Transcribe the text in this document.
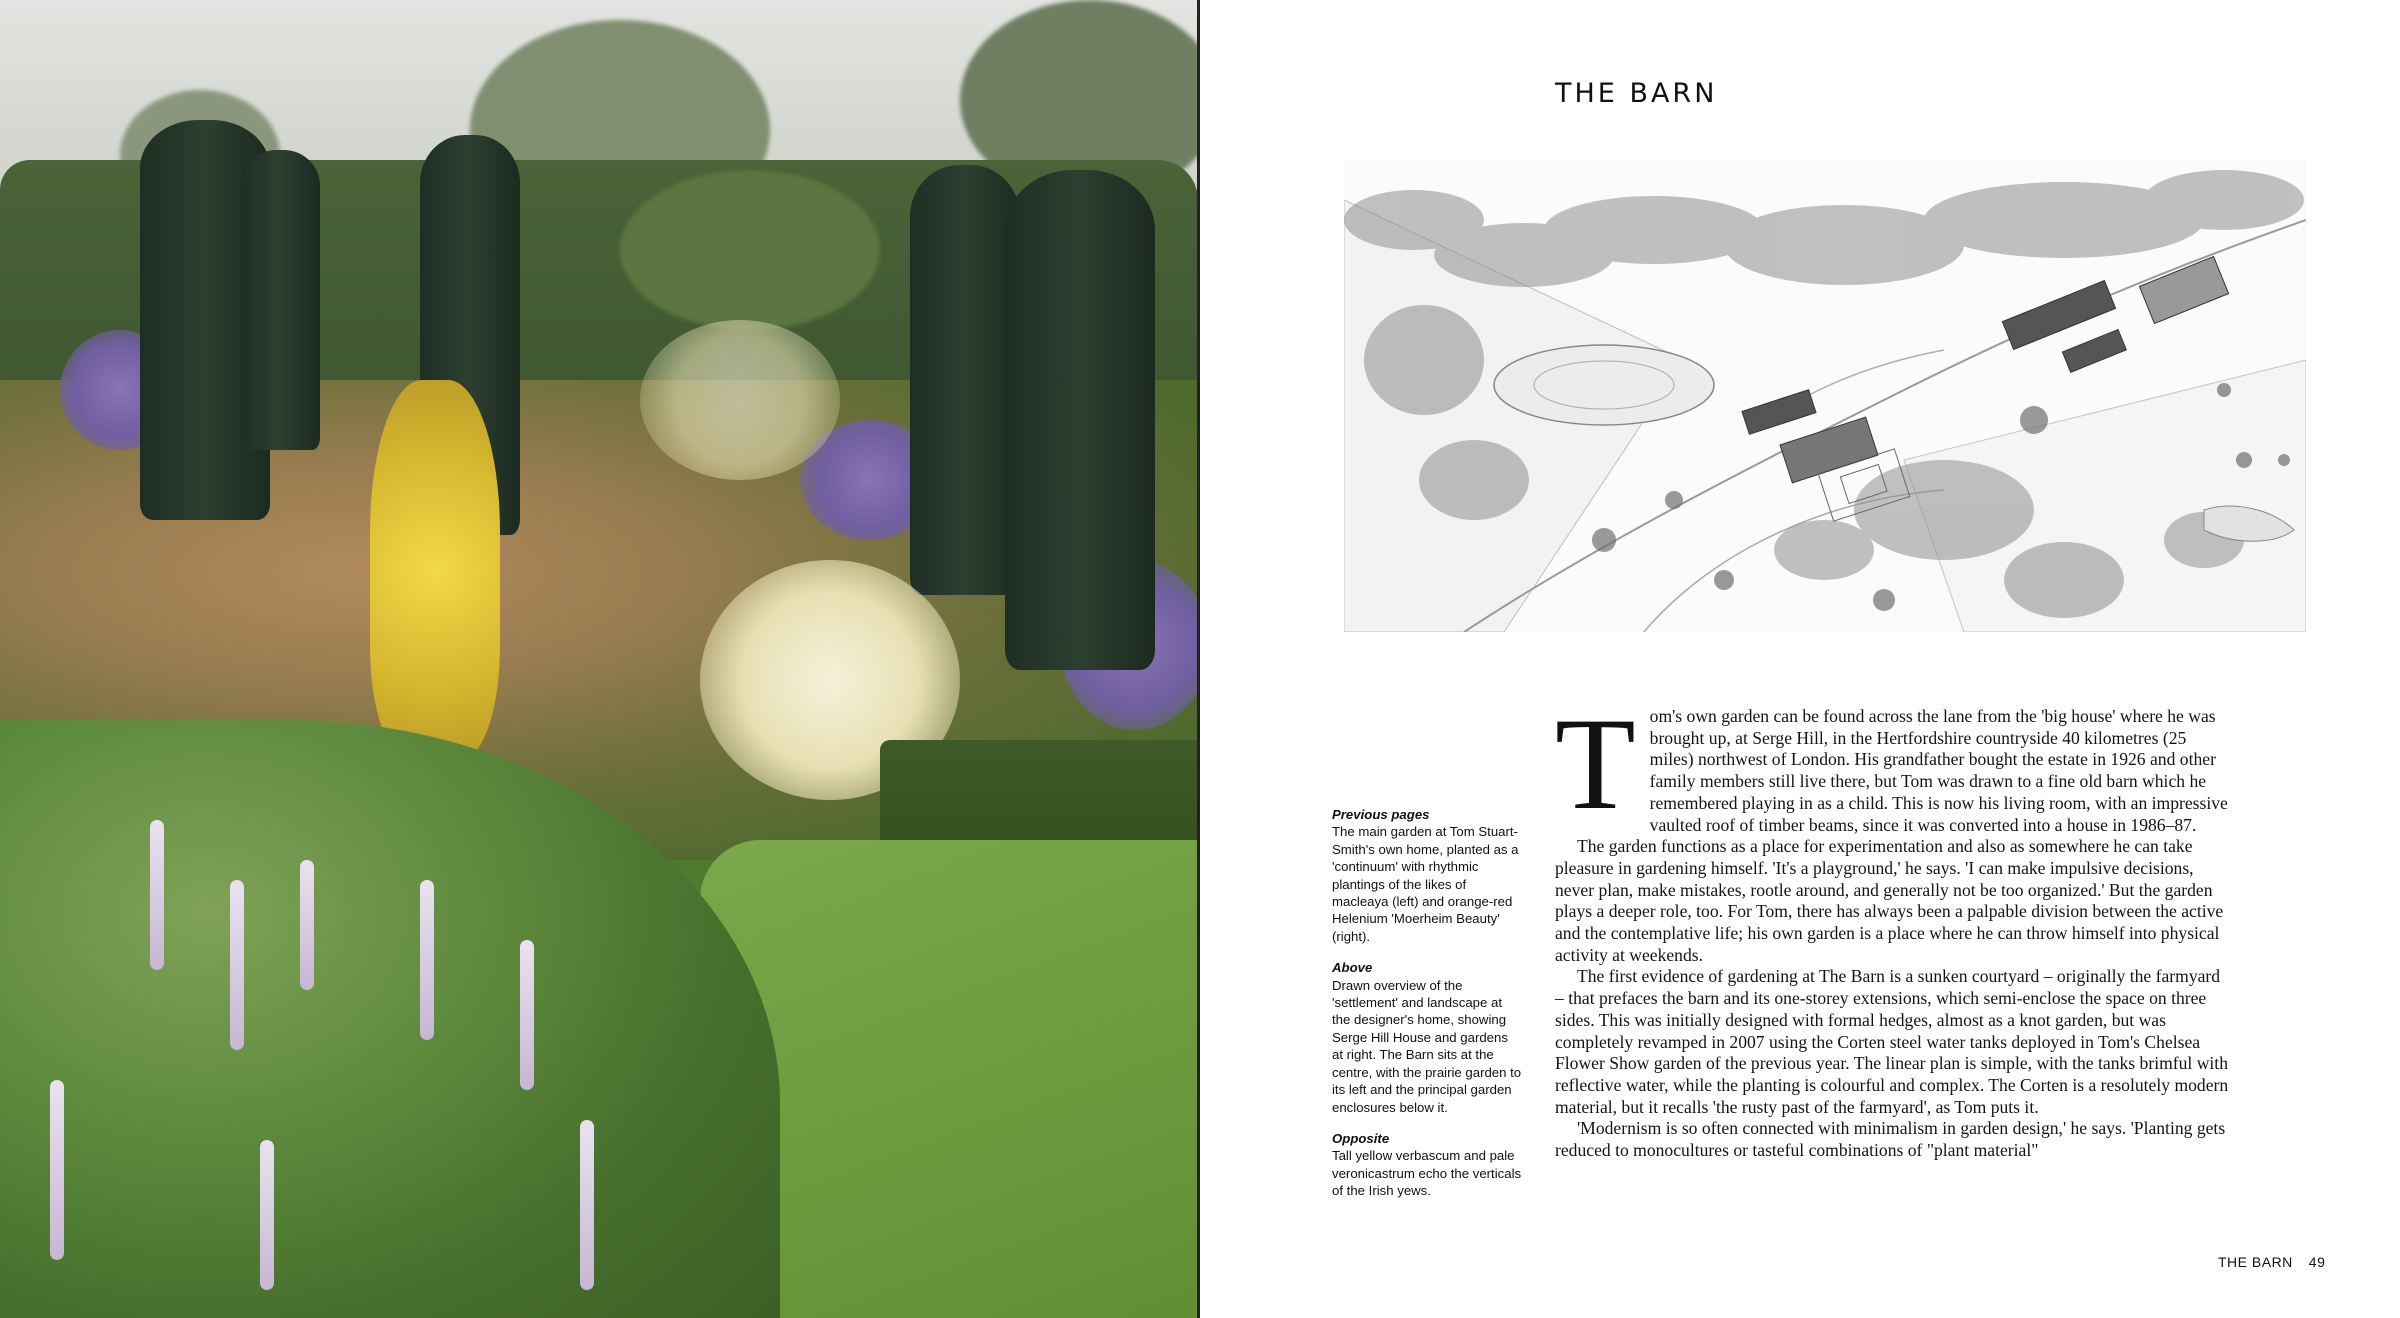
THE BARN
Previous pages
The main garden at Tom Stuart-Smith's own home, planted as a 'continuum' with rhythmic plantings of the likes of macleaya (left) and orange-red Helenium 'Moerheim Beauty' (right).
Above
Drawn overview of the 'settlement' and landscape at the designer's home, showing Serge Hill House and gardens at right. The Barn sits at the centre, with the prairie garden to its left and the principal garden enclosures below it.
Opposite
Tall yellow verbascum and pale veronicastrum echo the verticals of the Irish yews.

Tom's own garden can be found across the lane from the 'big house' where he was brought up, at Serge Hill, in the Hertfordshire countryside 40 kilometres (25 miles) northwest of London. His grandfather bought the estate in 1926 and other family members still live there, but Tom was drawn to a fine old barn which he remembered playing in as a child. This is now his living room, with an impressive vaulted roof of timber beams, since it was converted into a house in 1986–87.

The garden functions as a place for experimentation and also as somewhere he can take pleasure in gardening himself. 'It's a playground,' he says. 'I can make impulsive decisions, never plan, make mistakes, rootle around, and generally not be too organized.' But the garden plays a deeper role, too. For Tom, there has always been a palpable division between the active and the contemplative life; his own garden is a place where he can throw himself into physical activity at weekends.

The first evidence of gardening at The Barn is a sunken courtyard – originally the farmyard – that prefaces the barn and its one-storey extensions, which semi-enclose the space on three sides. This was initially designed with formal hedges, almost as a knot garden, but was completely revamped in 2007 using the Corten steel water tanks deployed in Tom's Chelsea Flower Show garden of the previous year. The linear plan is simple, with the tanks brimful with reflective water, while the planting is colourful and complex. The Corten is a resolutely modern material, but it recalls 'the rusty past of the farmyard', as Tom puts it.

'Modernism is so often connected with minimalism in garden design,' he says. 'Planting gets reduced to monocultures or tasteful combinations of "plant material"

THE BARN 49
